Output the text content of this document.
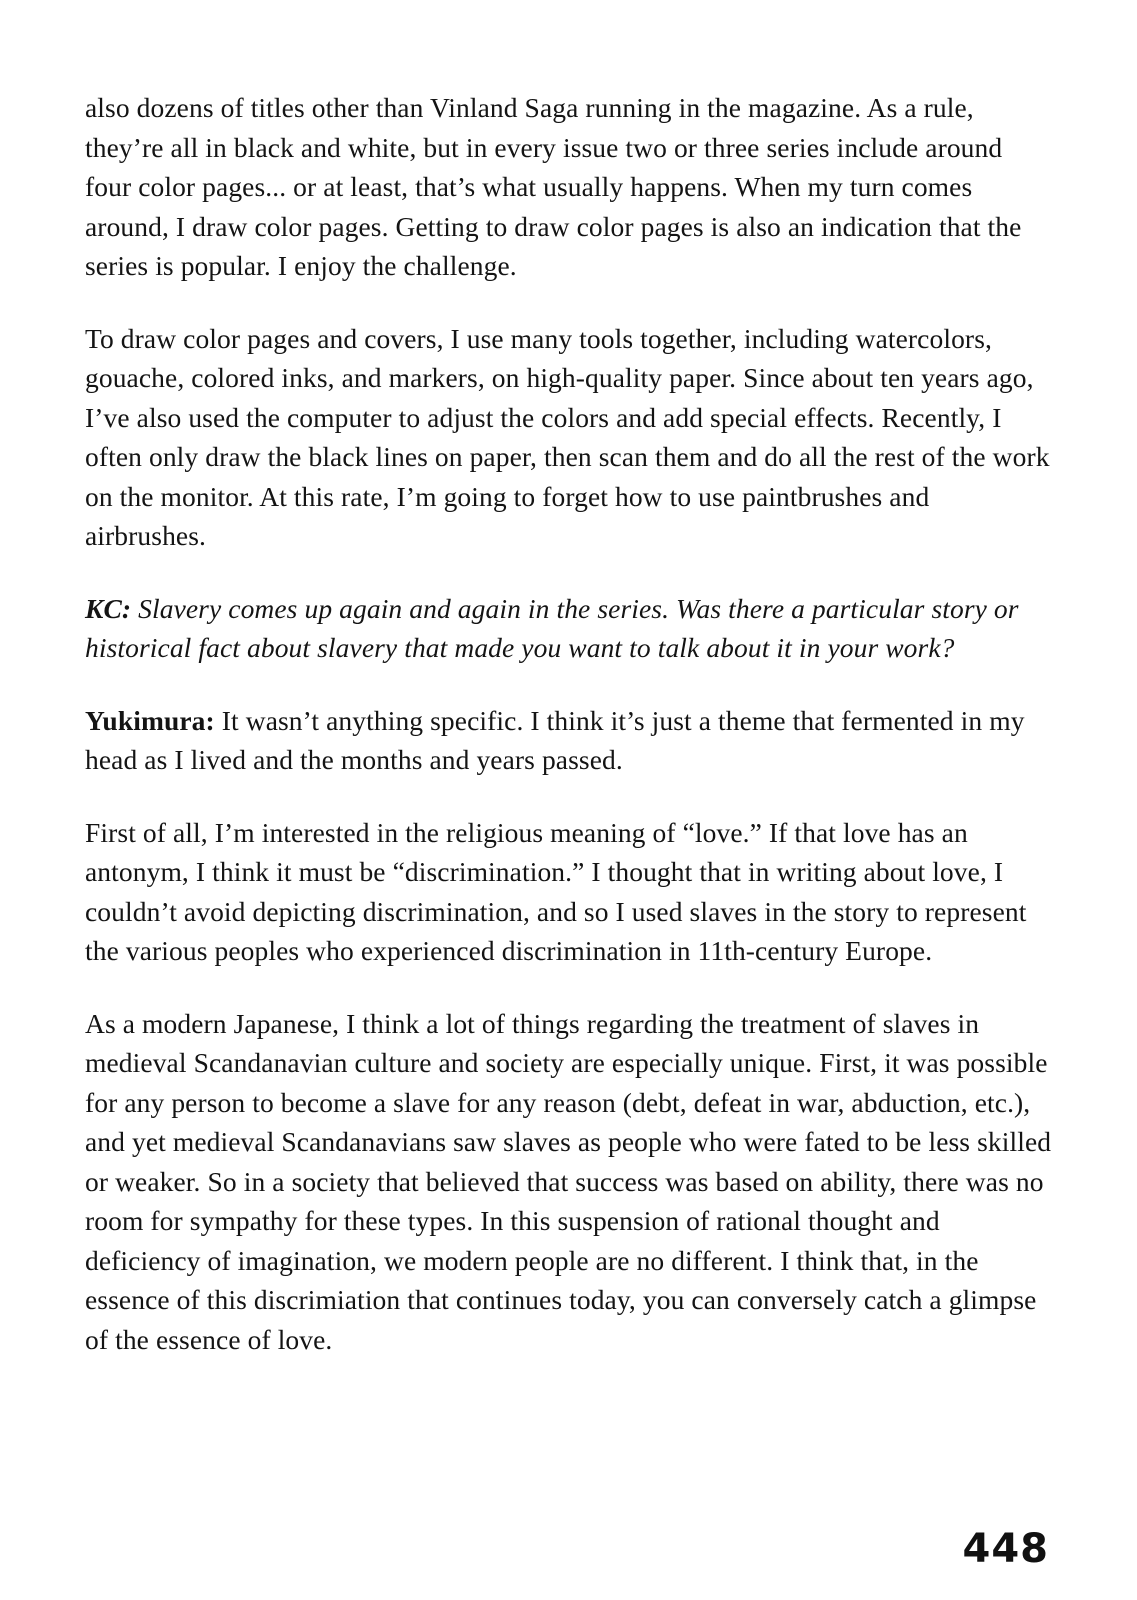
also dozens of titles other than Vinland Saga running in the magazine. As a rule, they’re all in black and white, but in every issue two or three series include around four color pages... or at least, that’s what usually happens. When my turn comes around, I draw color pages. Getting to draw color pages is also an indication that the series is popular. I enjoy the challenge.

To draw color pages and covers, I use many tools together, including watercolors, gouache, colored inks, and markers, on high-quality paper. Since about ten years ago, I’ve also used the computer to adjust the colors and add special effects. Recently, I often only draw the black lines on paper, then scan them and do all the rest of the work on the monitor. At this rate, I’m going to forget how to use paintbrushes and airbrushes.

KC: Slavery comes up again and again in the series. Was there a particular story or historical fact about slavery that made you want to talk about it in your work?

Yukimura: It wasn’t anything specific. I think it’s just a theme that fermented in my head as I lived and the months and years passed.

First of all, I’m interested in the religious meaning of “love.” If that love has an antonym, I think it must be “discrimination.” I thought that in writing about love, I couldn’t avoid depicting discrimination, and so I used slaves in the story to represent the various peoples who experienced discrimination in 11th-century Europe.

As a modern Japanese, I think a lot of things regarding the treatment of slaves in medieval Scandanavian culture and society are especially unique. First, it was possible for any person to become a slave for any reason (debt, defeat in war, abduction, etc.), and yet medieval Scandanavians saw slaves as people who were fated to be less skilled or weaker. So in a society that believed that success was based on ability, there was no room for sympathy for these types. In this suspension of rational thought and deficiency of imagination, we modern people are no different. I think that, in the essence of this discrimiation that continues today, you can conversely catch a glimpse of the essence of love.

448
